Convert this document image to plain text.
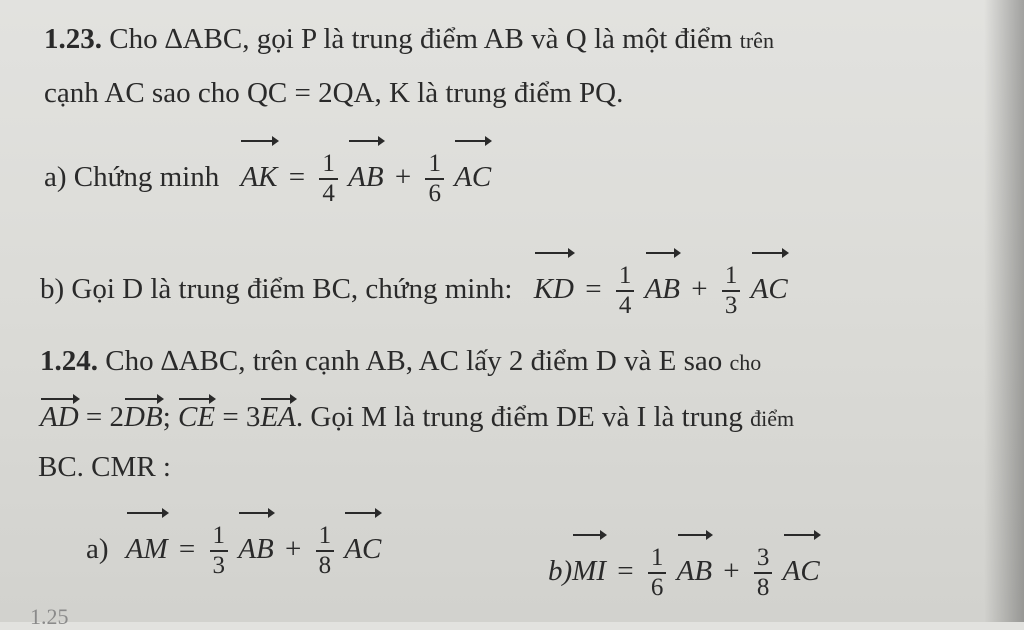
1.23. Cho ∆ABC, gọi P là trung điểm AB và Q là một điểm trên
cạnh AC sao cho QC = 2QA, K là trung điểm PQ.
a) Chứng minh AK = $\frac{1}{4}$ AB + $\frac{1}{6}$ AC
b) Gọi D là trung điểm BC, chứng minh: KD = $\frac{1}{4}$ AB + $\frac{1}{3}$ AC
1.24. Cho ∆ABC, trên cạnh AB, AC lấy 2 điểm D và E sao cho
AD = 2DB; CE = 3EA. Gọi M là trung điểm DE và I là trung điểm
BC. CMR :
a) AM = $\frac{1}{3}$ AB + $\frac{1}{8}$ AC
$b)MI = \frac{1}{6}$ AB + $\frac{3}{8}$ AC
1.25
